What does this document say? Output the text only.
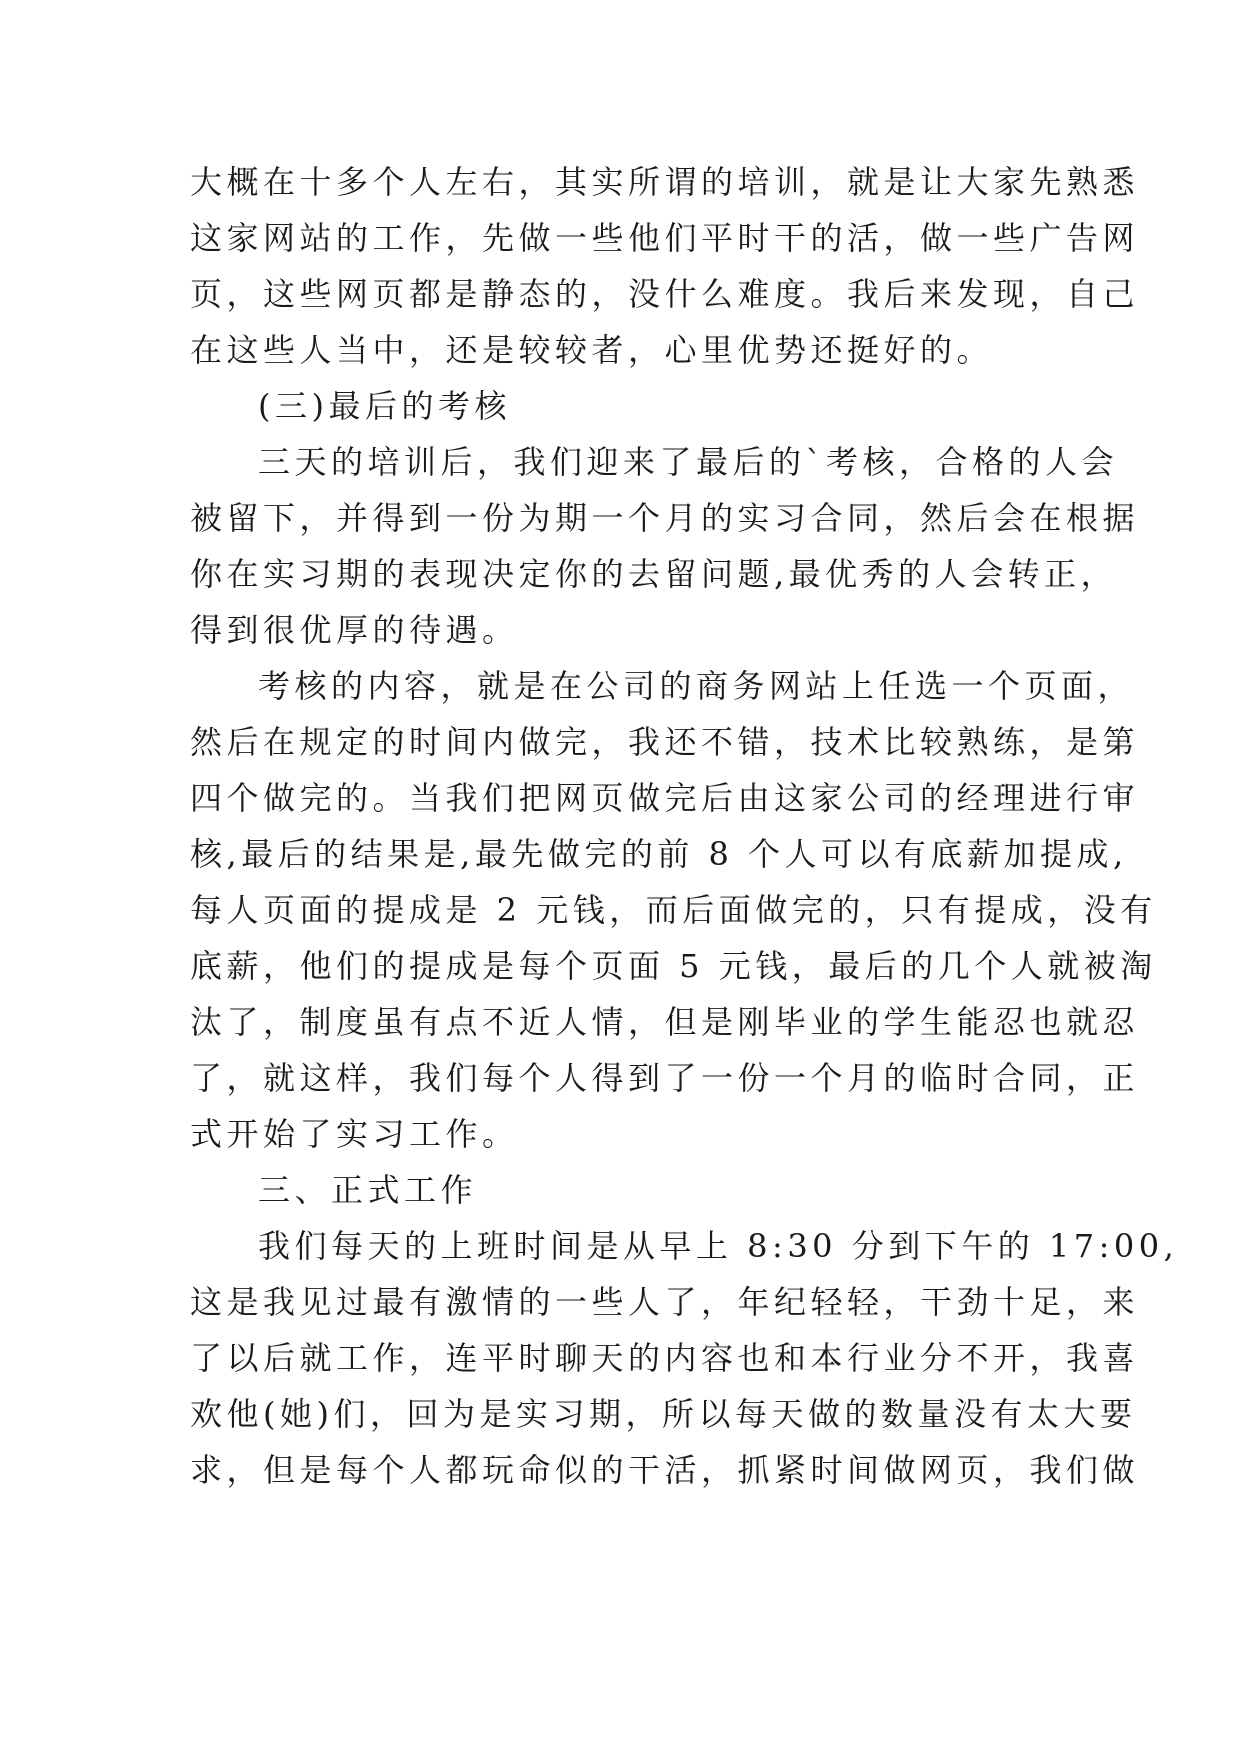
大概在十多个人左右，其实所谓的培训，就是让大家先熟悉
这家网站的工作，先做一些他们平时干的活，做一些广告网
页，这些网页都是静态的，没什么难度。我后来发现，自己
在这些人当中，还是较较者，心里优势还挺好的。
(三)最后的考核
三天的培训后，我们迎来了最后的`考核，合格的人会
被留下，并得到一份为期一个月的实习合同，然后会在根据
你在实习期的表现决定你的去留问题,最优秀的人会转正，
得到很优厚的待遇。
考核的内容，就是在公司的商务网站上任选一个页面，
然后在规定的时间内做完，我还不错，技术比较熟练，是第
四个做完的。当我们把网页做完后由这家公司的经理进行审
核,最后的结果是,最先做完的前 8 个人可以有底薪加提成,
每人页面的提成是 2 元钱，而后面做完的，只有提成，没有
底薪，他们的提成是每个页面 5 元钱，最后的几个人就被淘
汰了，制度虽有点不近人情，但是刚毕业的学生能忍也就忍
了，就这样，我们每个人得到了一份一个月的临时合同，正
式开始了实习工作。
三、正式工作
我们每天的上班时间是从早上 8:30 分到下午的 17:00,
这是我见过最有激情的一些人了，年纪轻轻，干劲十足，来
了以后就工作，连平时聊天的内容也和本行业分不开，我喜
欢他(她)们，回为是实习期，所以每天做的数量没有太大要
求，但是每个人都玩命似的干活，抓紧时间做网页，我们做
